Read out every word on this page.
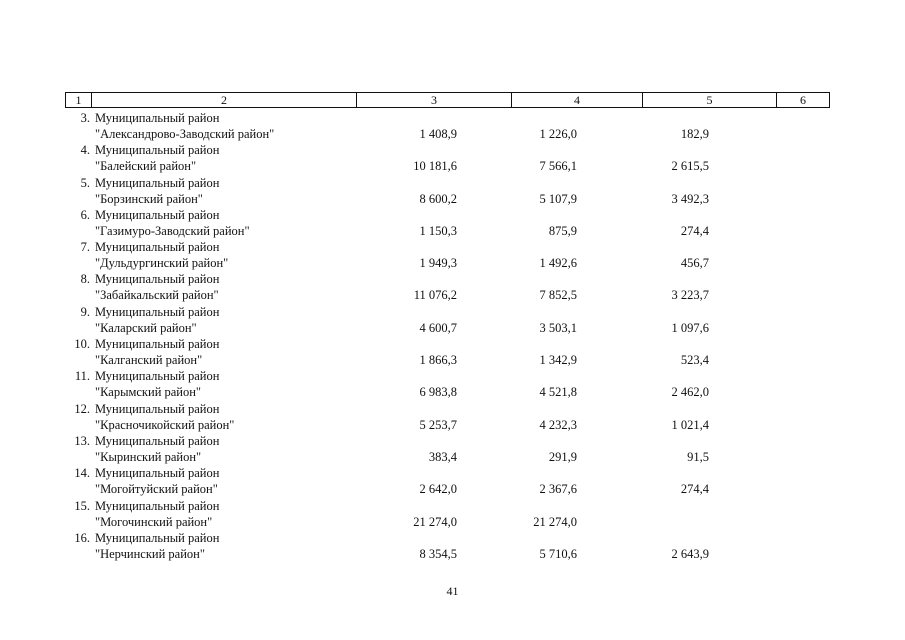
1	2	3	4	5	6
3. Муниципальный район
"Александрово-Заводский район"	1 408,9	1 226,0	182,9
4. Муниципальный район
"Балейский район"	10 181,6	7 566,1	2 615,5
5. Муниципальный район
"Борзинский район"	8 600,2	5 107,9	3 492,3
6. Муниципальный район
"Газимуро-Заводский район"	1 150,3	875,9	274,4
7. Муниципальный район
"Дульдургинский район"	1 949,3	1 492,6	456,7
8. Муниципальный район
"Забайкальский район"	11 076,2	7 852,5	3 223,7
9. Муниципальный район
"Каларский район"	4 600,7	3 503,1	1 097,6
10. Муниципальный район
"Калганский район"	1 866,3	1 342,9	523,4
11. Муниципальный район
"Карымский район"	6 983,8	4 521,8	2 462,0
12. Муниципальный район
"Красночикойский район"	5 253,7	4 232,3	1 021,4
13. Муниципальный район
"Кыринский район"	383,4	291,9	91,5
14. Муниципальный район
"Могойтуйский район"	2 642,0	2 367,6	274,4
15. Муниципальный район
"Могочинский район"	21 274,0	21 274,0
16. Муниципальный район
"Нерчинский район"	8 354,5	5 710,6	2 643,9
41
